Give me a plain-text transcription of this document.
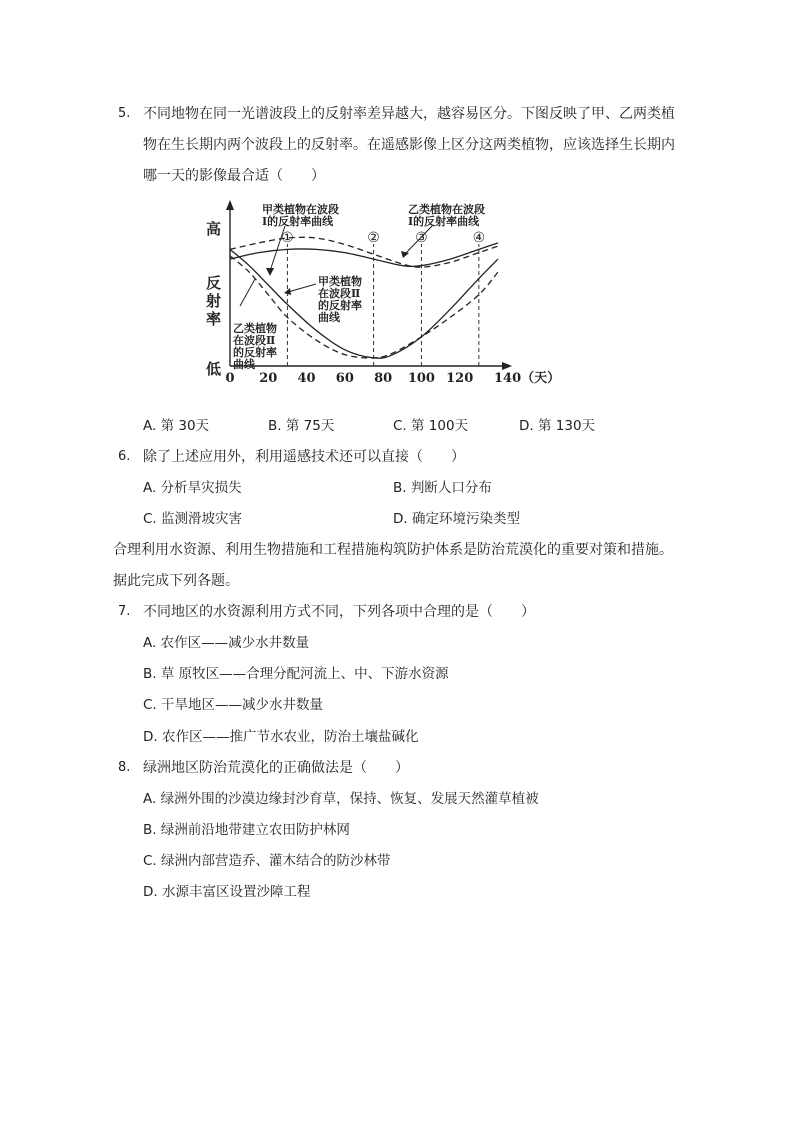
5. 不同地物在同一光谱波段上的反射率差异越大，越容易区分。下图反映了甲、乙两类植
物在生长期内两个波段上的反射率。在遥感影像上区分这两类植物，应该选择生长期内
哪一天的影像最合适（　　）
0 20 40 60 80 100 120 140（天）
①	②	③	④
高
反射率
低
甲类植物在波段
Ⅰ的反射率曲线
乙类植物在波段
Ⅰ的反射率曲线
甲类植物
在波段Ⅱ
的反射率
曲线
乙类植物
在波段Ⅱ
的反射率
曲线
A. 第 30天	B. 第 75天	C. 第 100天	D. 第 130天
6. 除了上述应用外，利用遥感技术还可以直接（　　）
A. 分析旱灾损失	B. 判断人口分布
C. 监测滑坡灾害	D. 确定环境污染类型
合理利用水资源、利用生物措施和工程措施构筑防护体系是防治荒漠化的重要对策和措施。
据此完成下列各题。
7. 不同地区的水资源利用方式不同，下列各项中合理的是（　　）
A. 农作区——减少水井数量
B. 草 原牧区——合理分配河流上、中、下游水资源
C. 干旱地区——减少水井数量
D. 农作区——推广节水农业，防治土壤盐碱化
8. 绿洲地区防治荒漠化的正确做法是（　　）
A. 绿洲外围的沙漠边缘封沙育草，保持、恢复、发展天然灌草植被
B. 绿洲前沿地带建立农田防护林网
C. 绿洲内部营造乔、灌木结合的防沙林带
D. 水源丰富区设置沙障工程
